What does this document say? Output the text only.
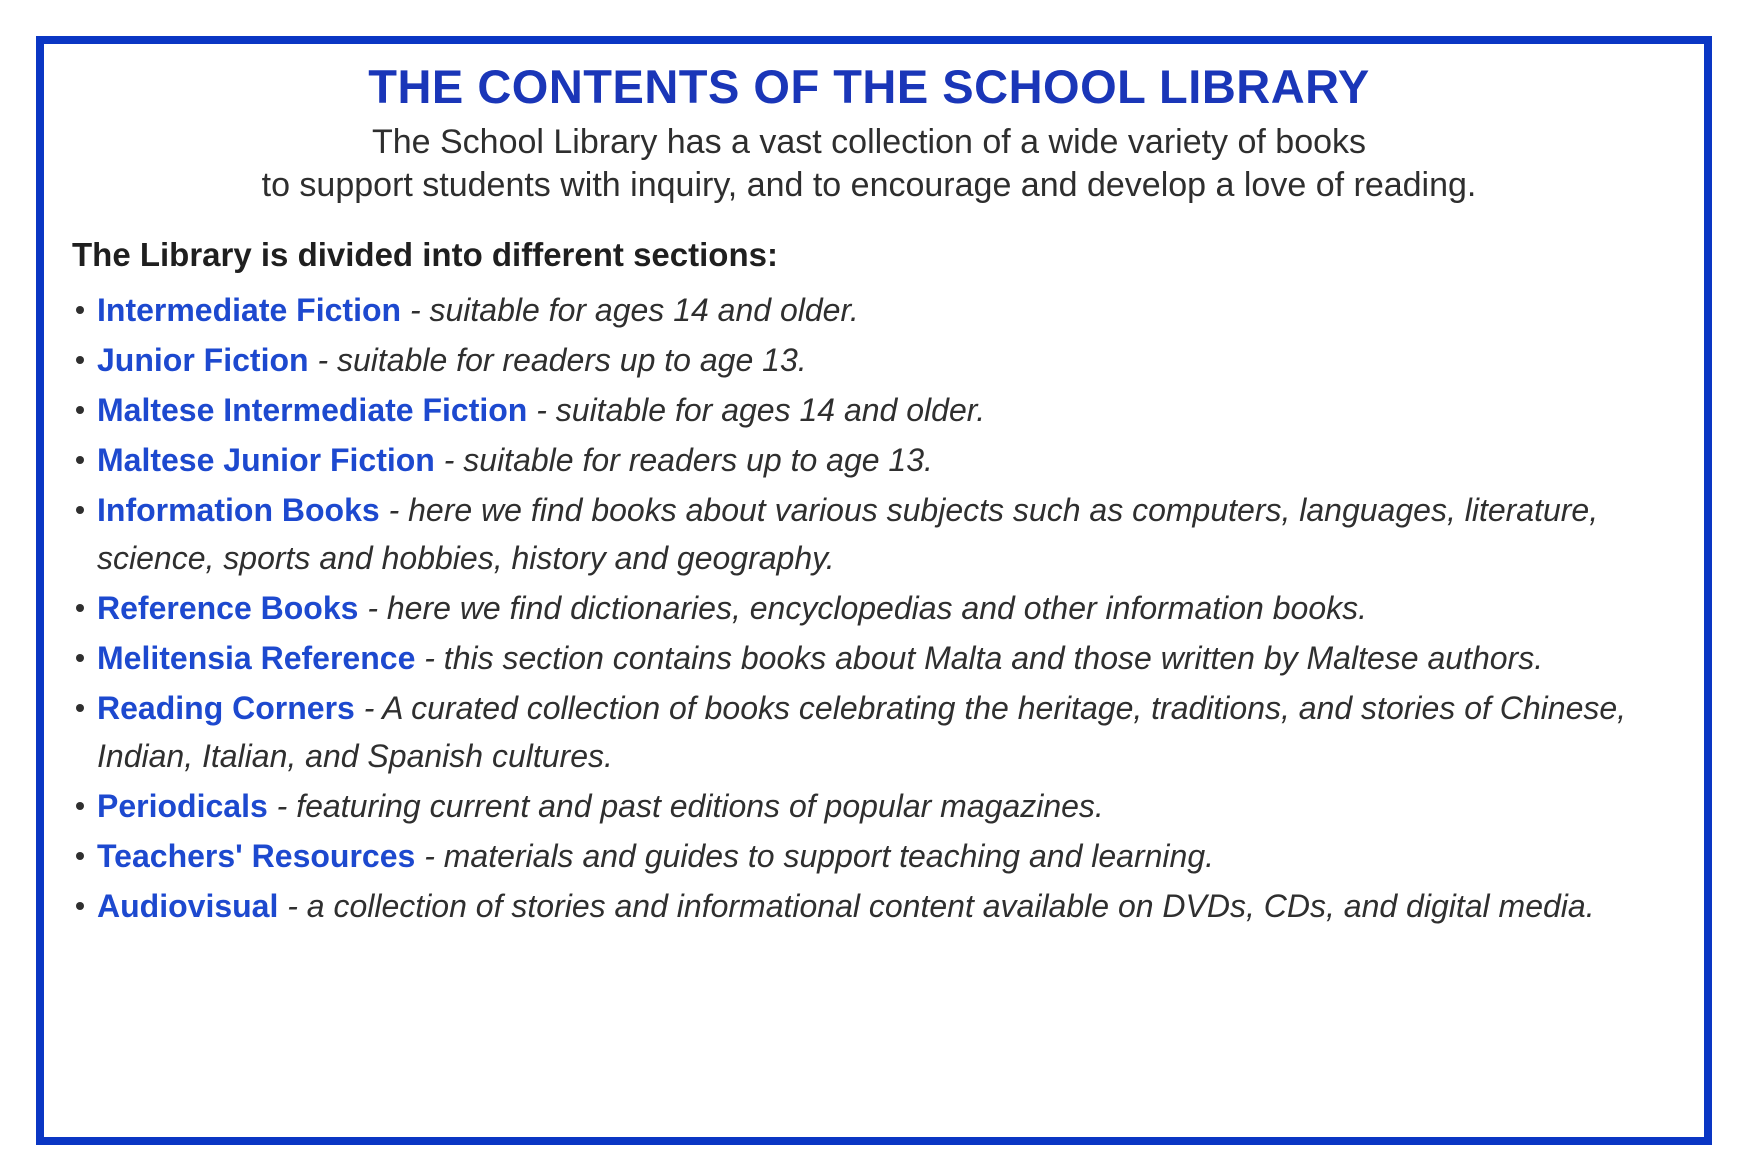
THE CONTENTS OF THE SCHOOL LIBRARY
The School Library has a vast collection of a wide variety of books
to support students with inquiry, and to encourage and develop a love of reading.
The Library is divided into different sections:
Intermediate Fiction - suitable for ages 14 and older.
Junior Fiction - suitable for readers up to age 13.
Maltese Intermediate Fiction - suitable for ages 14 and older.
Maltese Junior Fiction - suitable for readers up to age 13.
Information Books - here we find books about various subjects such as computers, languages, literature, science, sports and hobbies, history and geography.
Reference Books - here we find dictionaries, encyclopedias and other information books.
Melitensia Reference - this section contains books about Malta and those written by Maltese authors.
Reading Corners - A curated collection of books celebrating the heritage, traditions, and stories of Chinese, Indian, Italian, and Spanish cultures.
Periodicals - featuring current and past editions of popular magazines.
Teachers' Resources - materials and guides to support teaching and learning.
Audiovisual - a collection of stories and informational content available on DVDs, CDs, and digital media.
